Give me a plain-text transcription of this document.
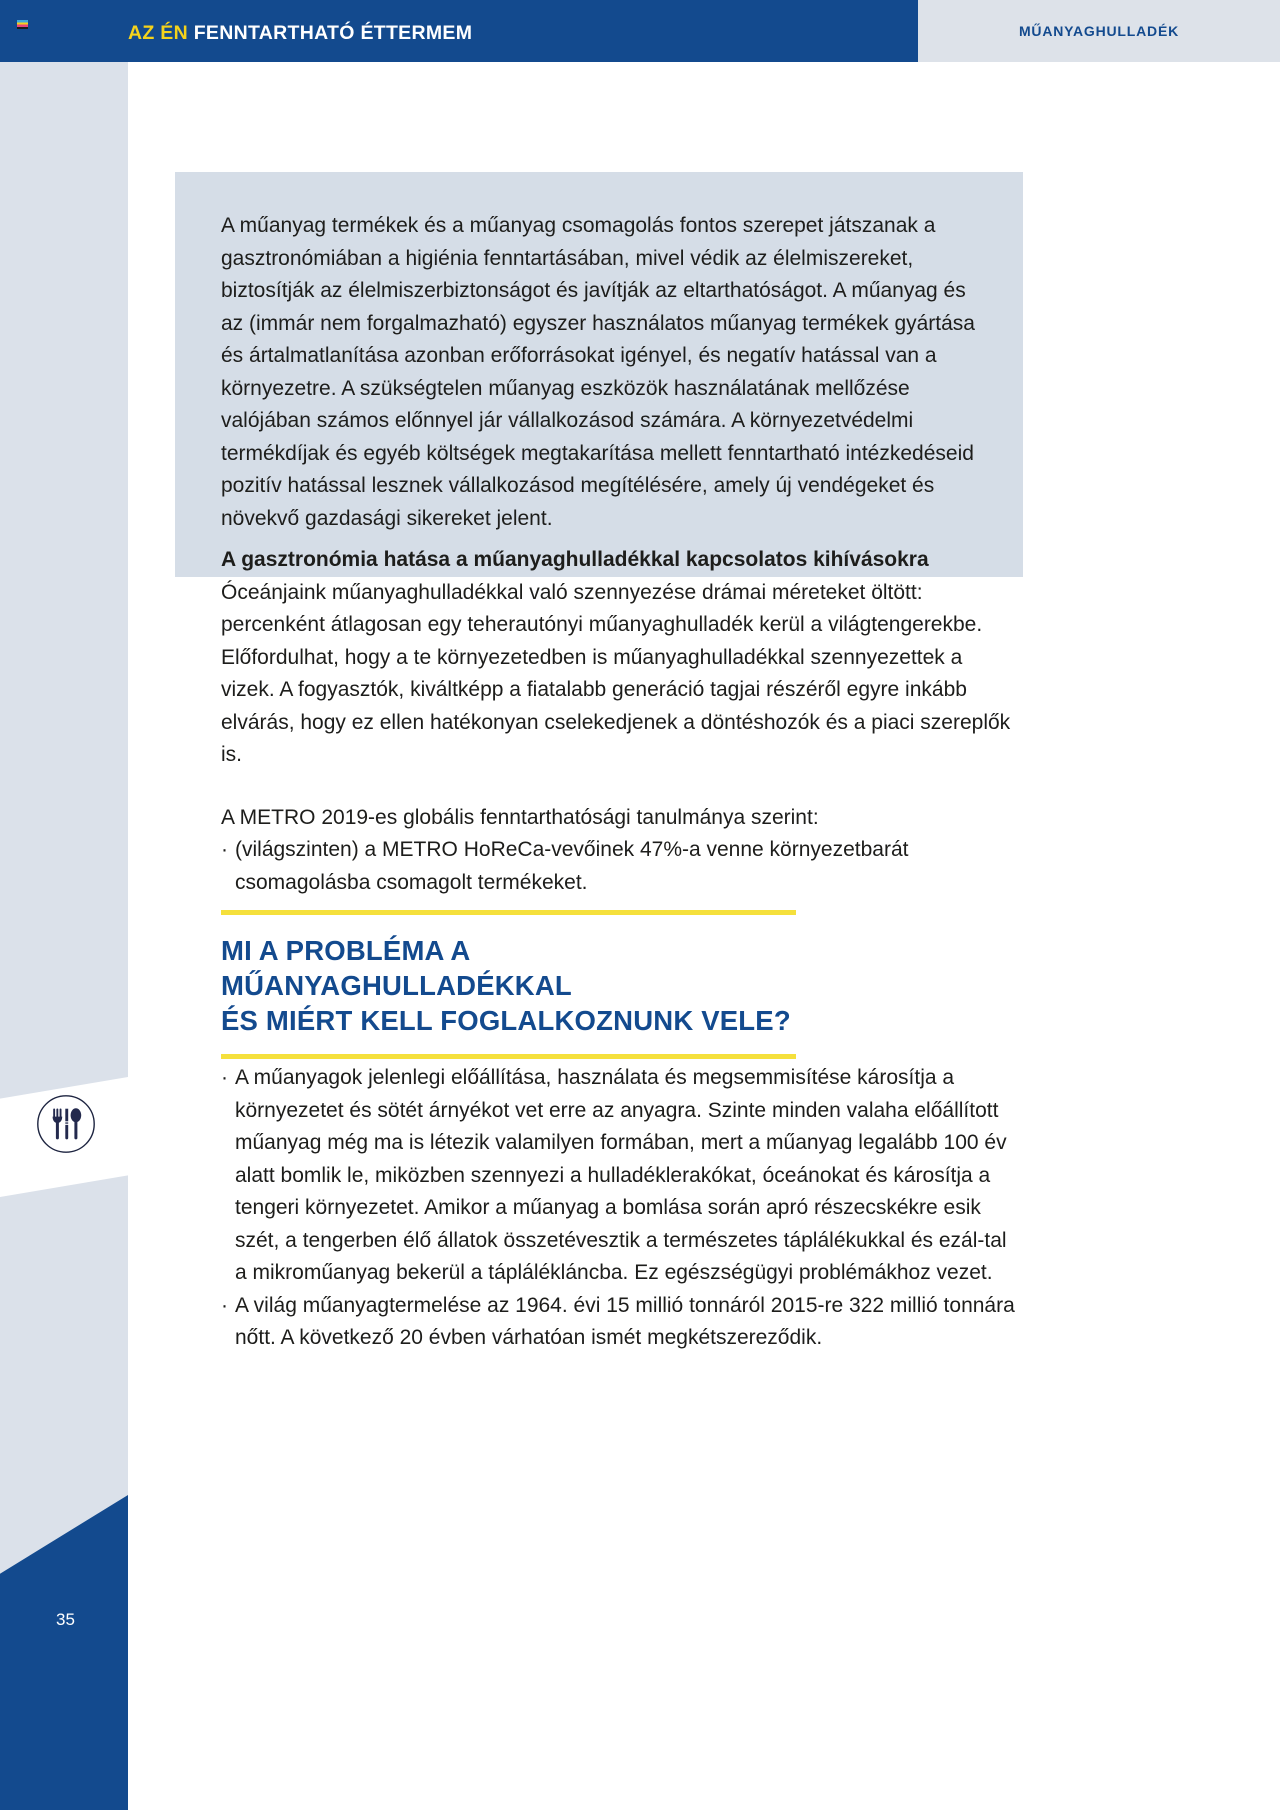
AZ ÉN FENNTARTHATÓ ÉTTERMEM	MŰANYAGHULLADÉK
35

A műanyag termékek és a műanyag csomagolás fontos szerepet játszanak a gasztronómiában a higiénia fenntartásában, mivel védik az élelmiszereket, biztosítják az élelmiszerbiztonságot és javítják az eltarthatóságot. A műanyag és az (immár nem forgalmazható) egyszer használatos műanyag termékek gyártása és ártalmatlanítása azonban erőforrásokat igényel, és negatív hatással van a környezetre. A szükségtelen műanyag eszközök használatának mellőzése valójában számos előnnyel jár vállalkozásod számára. A környezetvédelmi termékdíjak és egyéb költségek megtakarítása mellett fenntartható intézkedéseid pozitív hatással lesznek vállalkozásod megítélésére, amely új vendégeket és növekvő gazdasági sikereket jelent.

A gasztronómia hatása a műanyaghulladékkal kapcsolatos kihívásokra

Óceánjaink műanyaghulladékkal való szennyezése drámai méreteket öltött: percenként átlagosan egy teherautónyi műanyaghulladék kerül a világtengerekbe. Előfordulhat, hogy a te környezetedben is műanyaghulladékkal szennyezettek a vizek. A fogyasztók, kiváltképp a fiatalabb generáció tagjai részéről egyre inkább elvárás, hogy ez ellen hatékonyan cselekedjenek a döntéshozók és a piaci szereplők is.

A METRO 2019-es globális fenntarthatósági tanulmánya szerint:

· (világszinten) a METRO HoReCa-vevőinek 47%-a venne környezetbarát csomagolásba csomagolt termékeket.
MI A PROBLÉMA A MŰANYAGHULLADÉKKAL
ÉS MIÉRT KELL FOGLALKOZNUNK VELE?
· A műanyagok jelenlegi előállítása, használata és megsemmisítése károsítja a környezetet és sötét árnyékot vet erre az anyagra. Szinte minden valaha előállított műanyag még ma is létezik valamilyen formában, mert a műanyag legalább 100 év alatt bomlik le, miközben szennyezi a hulladéklerakókat, óceánokat és károsítja a tengeri környezetet. Amikor a műanyag a bomlása során apró részecskékre esik szét, a tengerben élő állatok összetévesztik a természetes táplálékukkal és ezál-tal a mikroműanyag bekerül a táplálékláncba. Ez egészségügyi problémákhoz vezet.
· A világ műanyagtermelése az 1964. évi 15 millió tonnáról 2015-re 322 millió tonnára nőtt. A következő 20 évben várhatóan ismét megkétszereződik.
